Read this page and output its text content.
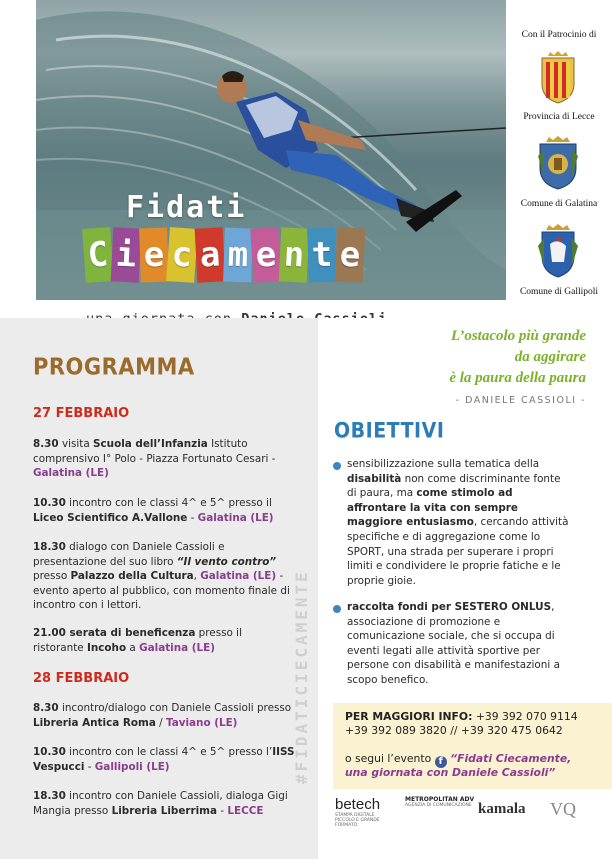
Fidati
C i e c a m e n t e
Con il Patrocinio di
Provincia di Lecce
Comune di Galatina
Comune di Gallipoli
PROGRAMMA
27 FEBBRAIO
8.30 visita Scuola dell’Infanzia Istituto comprensivo I° Polo - Piazza Fortunato Cesari - Galatina (LE)
10.30 incontro con le classi 4^ e 5^ presso il Liceo Scientifico A.Vallone - Galatina (LE)
18.30 dialogo con Daniele Cassioli e presentazione del suo libro “Il vento contro” presso Palazzo della Cultura, Galatina (LE) - evento aperto al pubblico, con momento finale di incontro con i lettori.
21.00 serata di beneficenza presso il ristorante Incoho a Galatina (LE)
28 FEBBRAIO
8.30 incontro/dialogo con Daniele Cassioli presso Libreria Antica Roma / Taviano (LE)
10.30 incontro con le classi 4^ e 5^ presso l’IISS Vespucci - Gallipoli (LE)
18.30 incontro con Daniele Cassioli, dialoga Gigi Mangia presso Libreria Liberrima - LECCE
#FIDATICIECAMENTE
L’ostacolo più grande
da aggirare
è la paura della paura
- DANIELE CASSIOLI -
OBIETTIVI
sensibilizzazione sulla tematica della disabilità non come discriminante fonte di paura, ma come stimolo ad affrontare la vita con sempre maggiore entusiasmo, cercando attività specifiche e di aggregazione come lo SPORT, una strada per superare i propri limiti e condividere le proprie fatiche e le proprie gioie.
raccolta fondi per SESTERO ONLUS, associazione di promozione e comunicazione sociale, che si occupa di eventi legati alle attività sportive per persone con disabilità e manifestazioni a scopo benefico.
PER MAGGIORI INFO: +39 392 070 9114
+39 392 089 3820 // +39 320 475 0642
o segui l’evento f “Fidati Ciecamente,
una giornata con Daniele Cassioli”
betech
STAMPA DIGITALE PICCOLO E GRANDE FORMATO
METROPOLITAN ADV
AGENZIA DI COMUNICAZIONE kamala VQ
